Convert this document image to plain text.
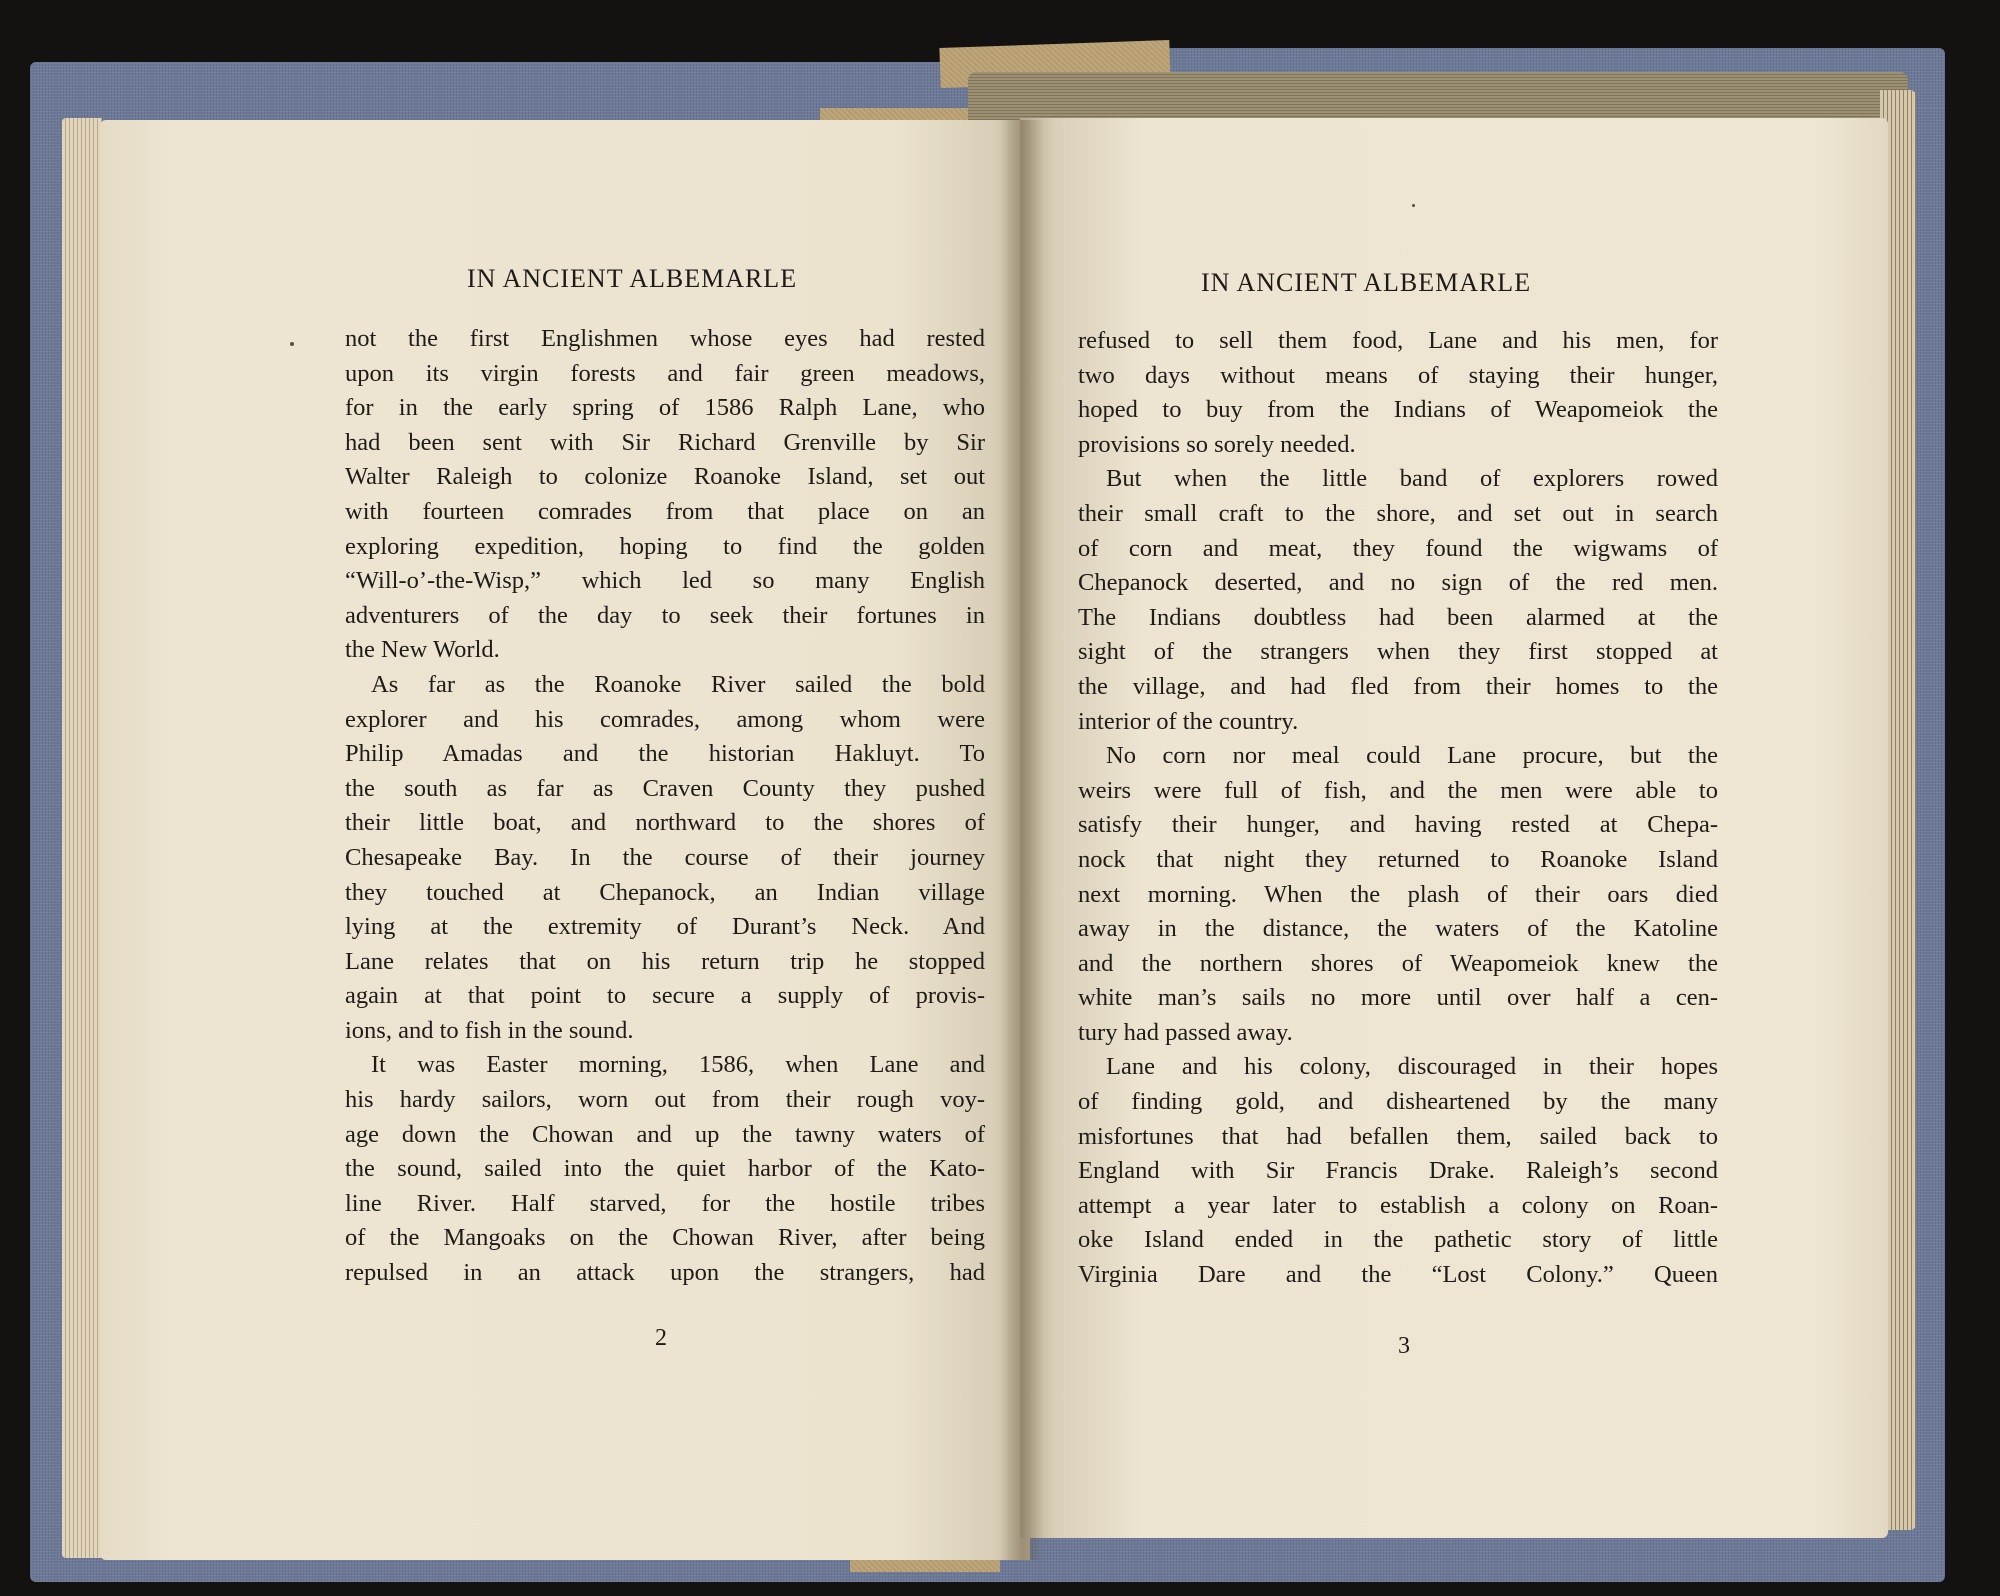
IN ANCIENT ALBEMARLE
not the first Englishmen whose eyes had rested
upon its virgin forests and fair green meadows,
for in the early spring of 1586 Ralph Lane, who
had been sent with Sir Richard Grenville by Sir
Walter Raleigh to colonize Roanoke Island, set out
with fourteen comrades from that place on an
exploring expedition, hoping to find the golden
“Will-o’-the-Wisp,” which led so many English
adventurers of the day to seek their fortunes in
the New World.
As far as the Roanoke River sailed the bold
explorer and his comrades, among whom were
Philip Amadas and the historian Hakluyt. To
the south as far as Craven County they pushed
their little boat, and northward to the shores of
Chesapeake Bay. In the course of their journey
they touched at Chepanock, an Indian village
lying at the extremity of Durant’s Neck. And
Lane relates that on his return trip he stopped
again at that point to secure a supply of provis-
ions, and to fish in the sound.
It was Easter morning, 1586, when Lane and
his hardy sailors, worn out from their rough voy-
age down the Chowan and up the tawny waters of
the sound, sailed into the quiet harbor of the Kato-
line River. Half starved, for the hostile tribes
of the Mangoaks on the Chowan River, after being
repulsed in an attack upon the strangers, had
2
IN ANCIENT ALBEMARLE
refused to sell them food, Lane and his men, for
two days without means of staying their hunger,
hoped to buy from the Indians of Weapomeiok the
provisions so sorely needed.
But when the little band of explorers rowed
their small craft to the shore, and set out in search
of corn and meat, they found the wigwams of
Chepanock deserted, and no sign of the red men.
The Indians doubtless had been alarmed at the
sight of the strangers when they first stopped at
the village, and had fled from their homes to the
interior of the country.
No corn nor meal could Lane procure, but the
weirs were full of fish, and the men were able to
satisfy their hunger, and having rested at Chepa-
nock that night they returned to Roanoke Island
next morning. When the plash of their oars died
away in the distance, the waters of the Katoline
and the northern shores of Weapomeiok knew the
white man’s sails no more until over half a cen-
tury had passed away.
Lane and his colony, discouraged in their hopes
of finding gold, and disheartened by the many
misfortunes that had befallen them, sailed back to
England with Sir Francis Drake. Raleigh’s second
attempt a year later to establish a colony on Roan-
oke Island ended in the pathetic story of little
Virginia Dare and the “Lost Colony.” Queen
3
